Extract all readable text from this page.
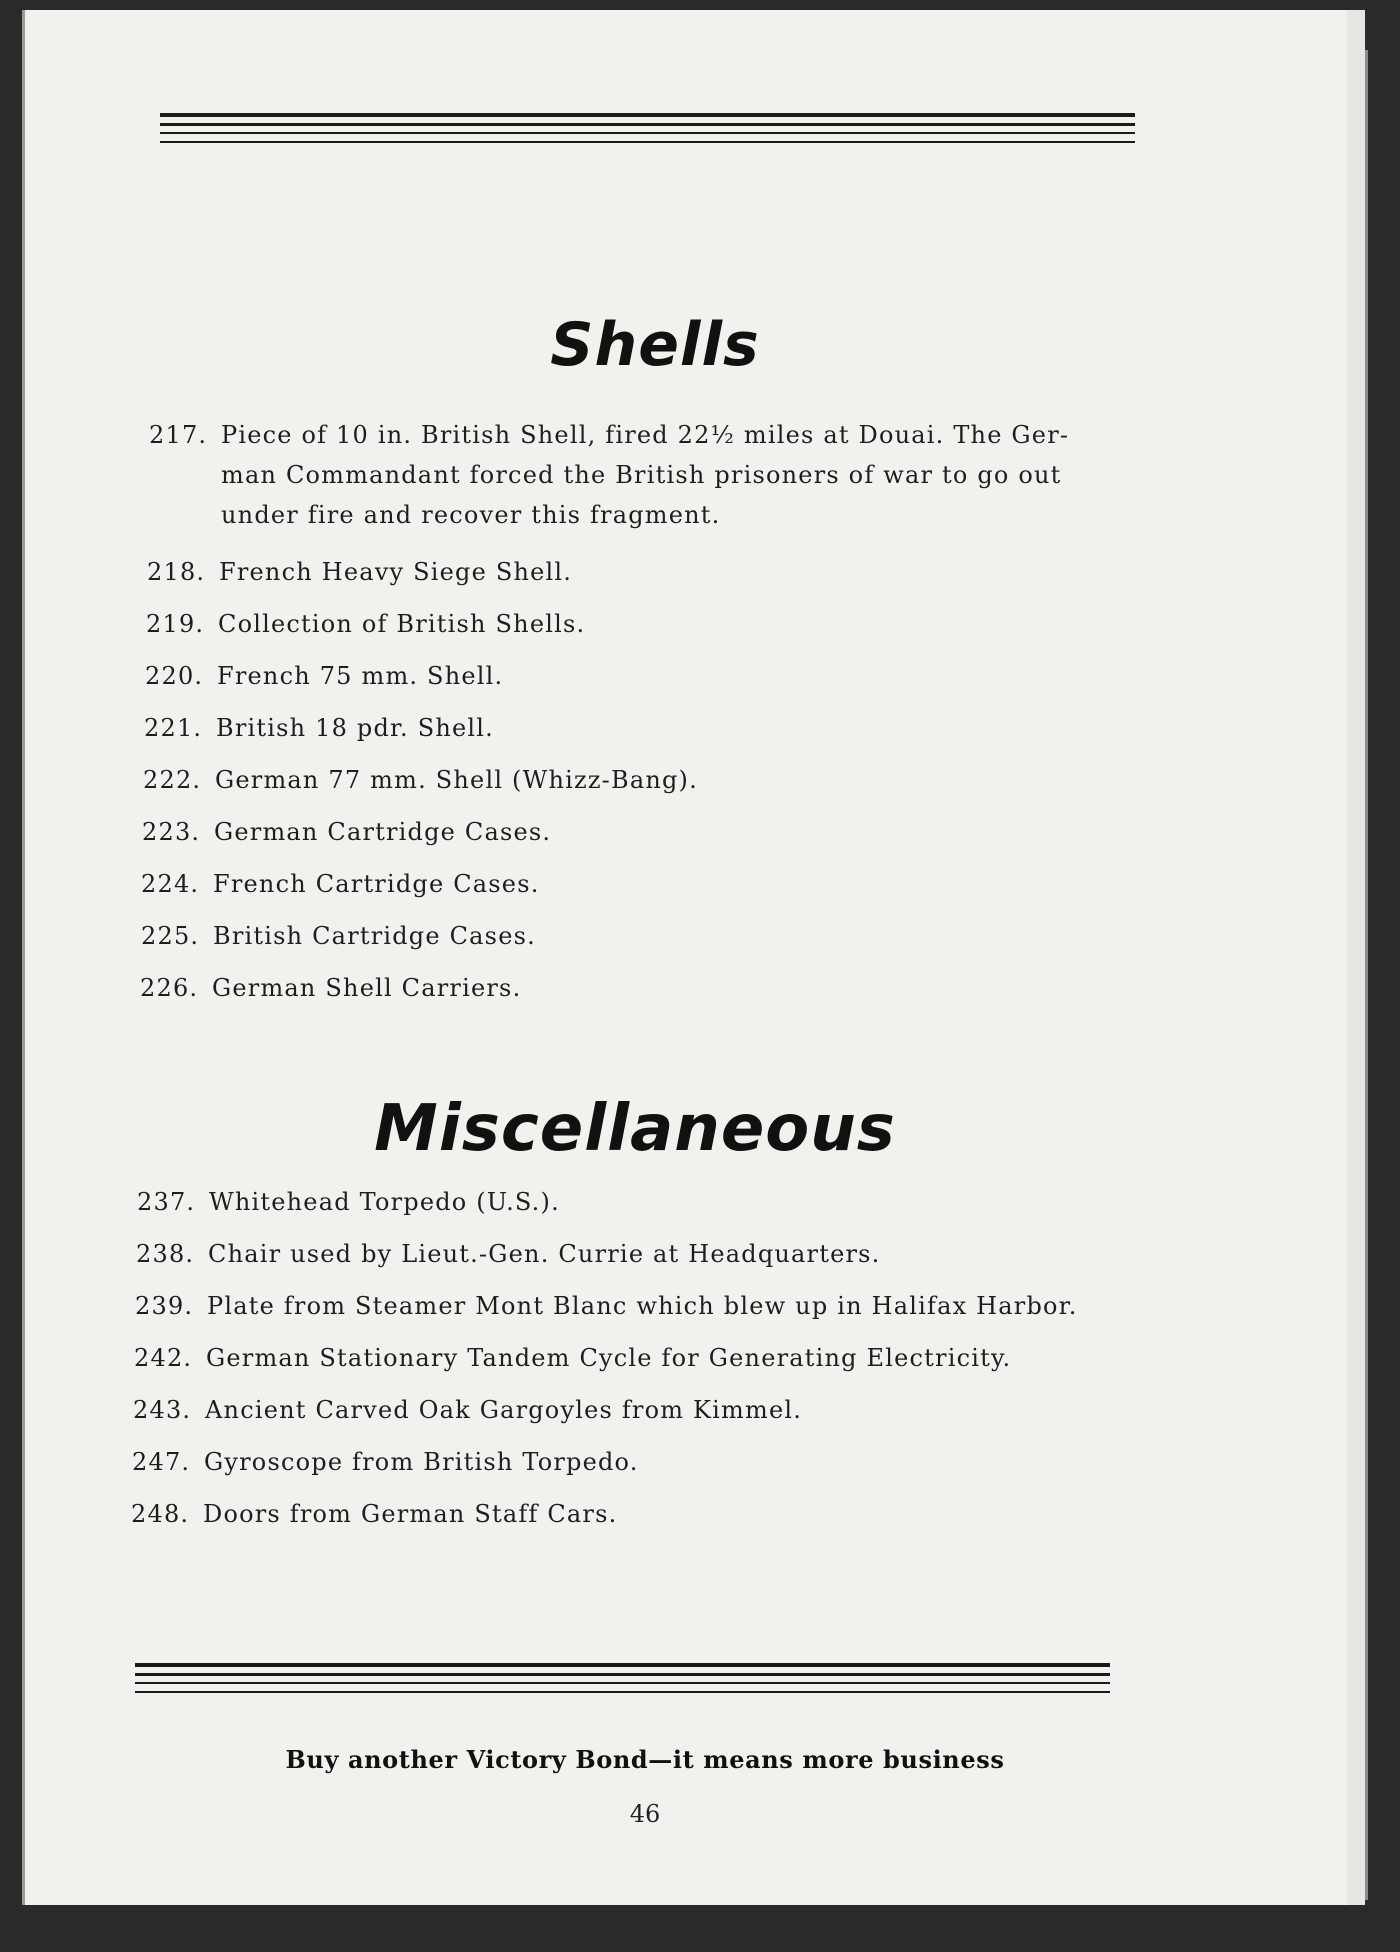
Shells
217. Piece of 10 in. British Shell, fired 22½ miles at Douai. The Ger-
man Commandant forced the British prisoners of war to go out
under fire and recover this fragment.
218. French Heavy Siege Shell.
219. Collection of British Shells.
220. French 75 mm. Shell.
221. British 18 pdr. Shell.
222. German 77 mm. Shell (Whizz-Bang).
223. German Cartridge Cases.
224. French Cartridge Cases.
225. British Cartridge Cases.
226. German Shell Carriers.
Miscellaneous
237. Whitehead Torpedo (U.S.).
238. Chair used by Lieut.-Gen. Currie at Headquarters.
239. Plate from Steamer Mont Blanc which blew up in Halifax Harbor.
242. German Stationary Tandem Cycle for Generating Electricity.
243. Ancient Carved Oak Gargoyles from Kimmel.
247. Gyroscope from British Torpedo.
248. Doors from German Staff Cars.
Buy another Victory Bond—it means more business
46
